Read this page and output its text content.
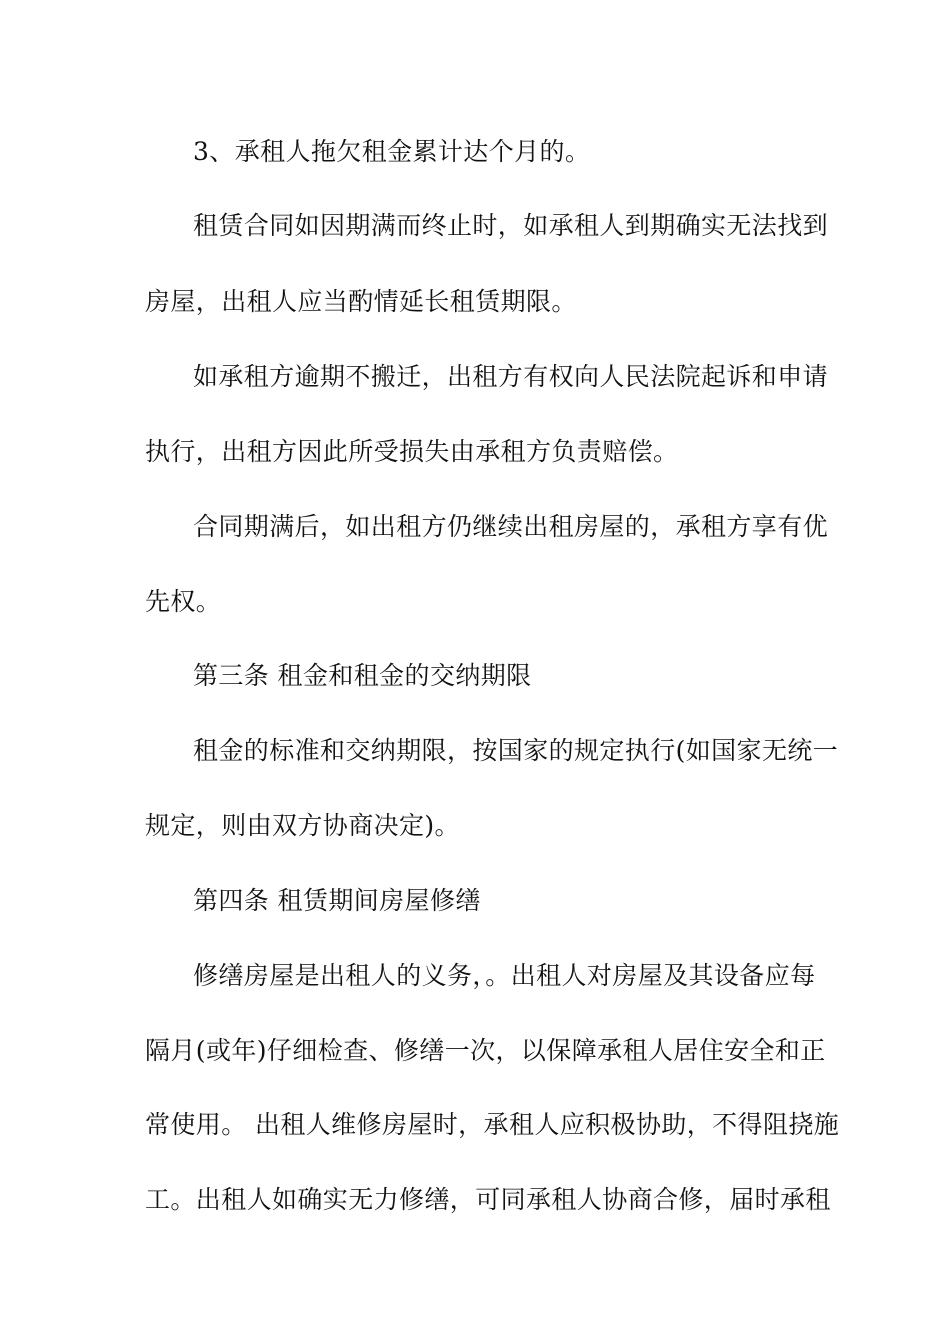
3、承租人拖欠租金累计达个月的。
租赁合同如因期满而终止时，如承租人到期确实无法找到
房屋，出租人应当酌情延长租赁期限。
如承租方逾期不搬迁，出租方有权向人民法院起诉和申请
执行，出租方因此所受损失由承租方负责赔偿。
合同期满后，如出租方仍继续出租房屋的，承租方享有优
先权。
第三条 租金和租金的交纳期限
租金的标准和交纳期限，按国家的规定执行(如国家无统一
规定，则由双方协商决定)。
第四条 租赁期间房屋修缮
修缮房屋是出租人的义务，。出租人对房屋及其设备应每
隔月(或年)仔细检查、修缮一次，以保障承租人居住安全和正
常使用。 出租人维修房屋时，承租人应积极协助，不得阻挠施
工。出租人如确实无力修缮，可同承租人协商合修，届时承租
